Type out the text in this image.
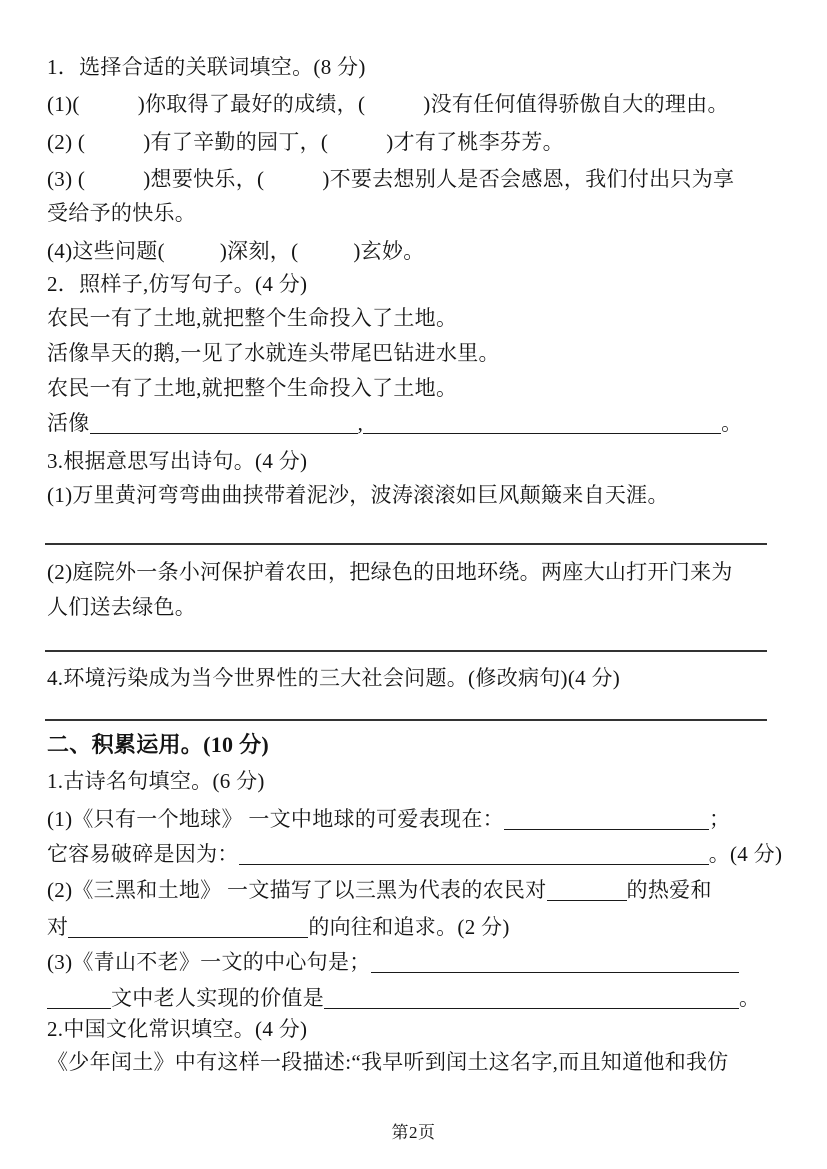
1．选择合适的关联词填空。(8 分)
(1)(	)你取得了最好的成绩，(	)没有任何值得骄傲自大的理由。
(2) (	)有了辛勤的园丁，(	)才有了桃李芬芳。
(3) (	)想要快乐，(	)不要去想别人是否会感恩，我们付出只为享
受给予的快乐。
(4)这些问题(	)深刻，(	)玄妙。
2．照样子,仿写句子。(4 分)
农民一有了土地,就把整个生命投入了土地。
活像旱天的鹅,一见了水就连头带尾巴钻进水里。
农民一有了土地,就把整个生命投入了土地。
活像	,	。
3.根据意思写出诗句。(4 分)
(1)万里黄河弯弯曲曲挟带着泥沙，波涛滚滚如巨风颠簸来自天涯。
(2)庭院外一条小河保护着农田，把绿色的田地环绕。两座大山打开门来为
人们送去绿色。
4.环境污染成为当今世界性的三大社会问题。(修改病句)(4 分)
二、积累运用。(10 分)
1.古诗名句填空。(6 分)
(1)《只有一个地球》 一文中地球的可爱表现在：	；
它容易破碎是因为：	。(4 分)
(2)《三黑和土地》 一文描写了以三黑为代表的农民对	的热爱和
对	的向往和追求。(2 分)
(3)《青山不老》一文的中心句是；
文中老人实现的价值是	。
2.中国文化常识填空。(4 分)
《少年闰土》中有这样一段描述:“我早听到闰土这名字,而且知道他和我仿
第2页
